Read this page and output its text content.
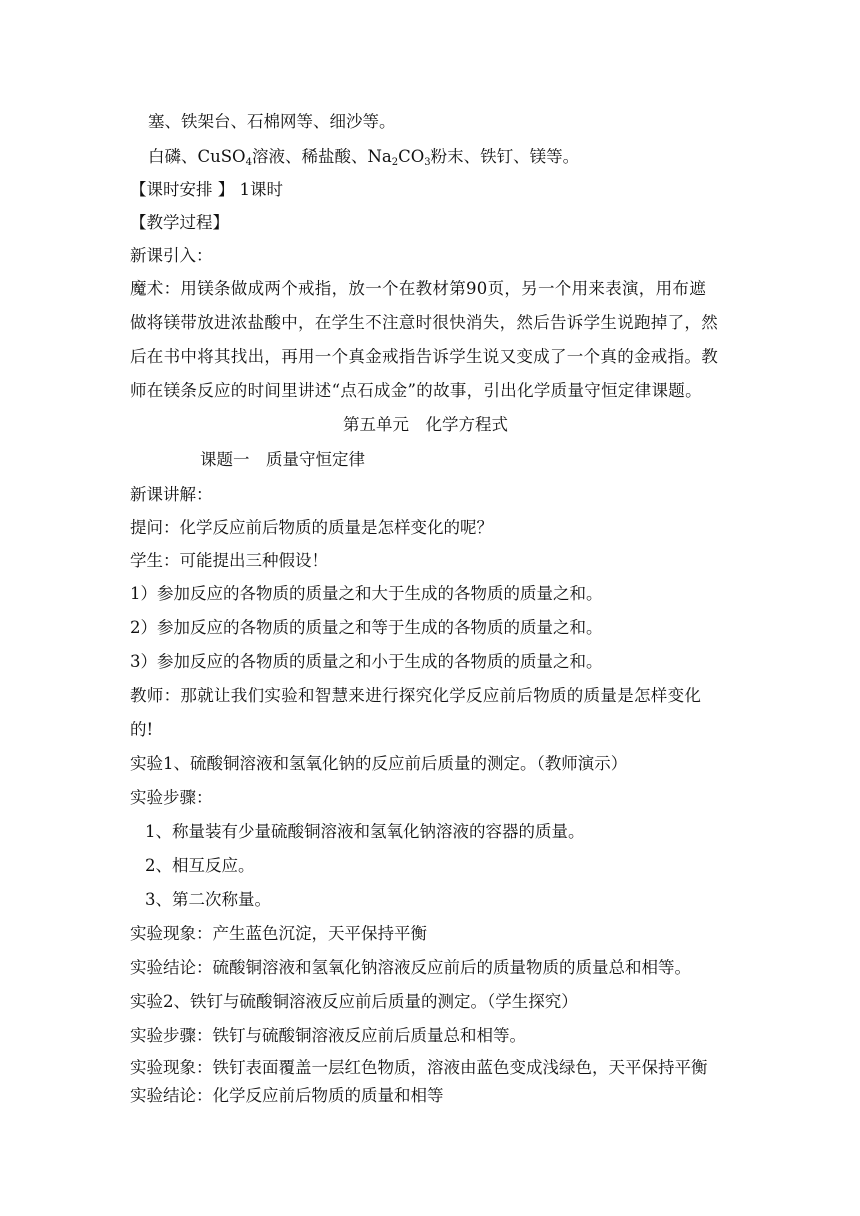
塞、铁架台、石棉网等、细沙等。
白磷、CuSO$_4$溶液、稀盐酸、$Na_2CO_3$粉末、铁钉、镁等。
【课时安排 】 1课时
【教学过程】
新课引入：
魔术：用镁条做成两个戒指，放一个在教材第90页，另一个用来表演，用布遮
做将镁带放进浓盐酸中，在学生不注意时很快消失，然后告诉学生说跑掉了，然
后在书中将其找出，再用一个真金戒指告诉学生说又变成了一个真的金戒指。教
师在镁条反应的时间里讲述“点石成金”的故事，引出化学质量守恒定律课题。
第五单元　化学方程式
课题一　质量守恒定律
新课讲解：
提问：化学反应前后物质的质量是怎样变化的呢？
学生：可能提出三种假设！
1）参加反应的各物质的质量之和大于生成的各物质的质量之和。
2）参加反应的各物质的质量之和等于生成的各物质的质量之和。
3）参加反应的各物质的质量之和小于生成的各物质的质量之和。
教师：那就让我们实验和智慧来进行探究化学反应前后物质的质量是怎样变化
的!
实验1、硫酸铜溶液和氢氧化钠的反应前后质量的测定。（教师演示）
实验步骤：
1、称量装有少量硫酸铜溶液和氢氧化钠溶液的容器的质量。
2、相互反应。
3、第二次称量。
实验现象：产生蓝色沉淀，天平保持平衡
实验结论：硫酸铜溶液和氢氧化钠溶液反应前后的质量物质的质量总和相等。
实验2、铁钉与硫酸铜溶液反应前后质量的测定。（学生探究）
实验步骤：铁钉与硫酸铜溶液反应前后质量总和相等。
实验现象：铁钉表面覆盖一层红色物质，溶液由蓝色变成浅绿色，天平保持平衡
实验结论：化学反应前后物质的质量和相等
